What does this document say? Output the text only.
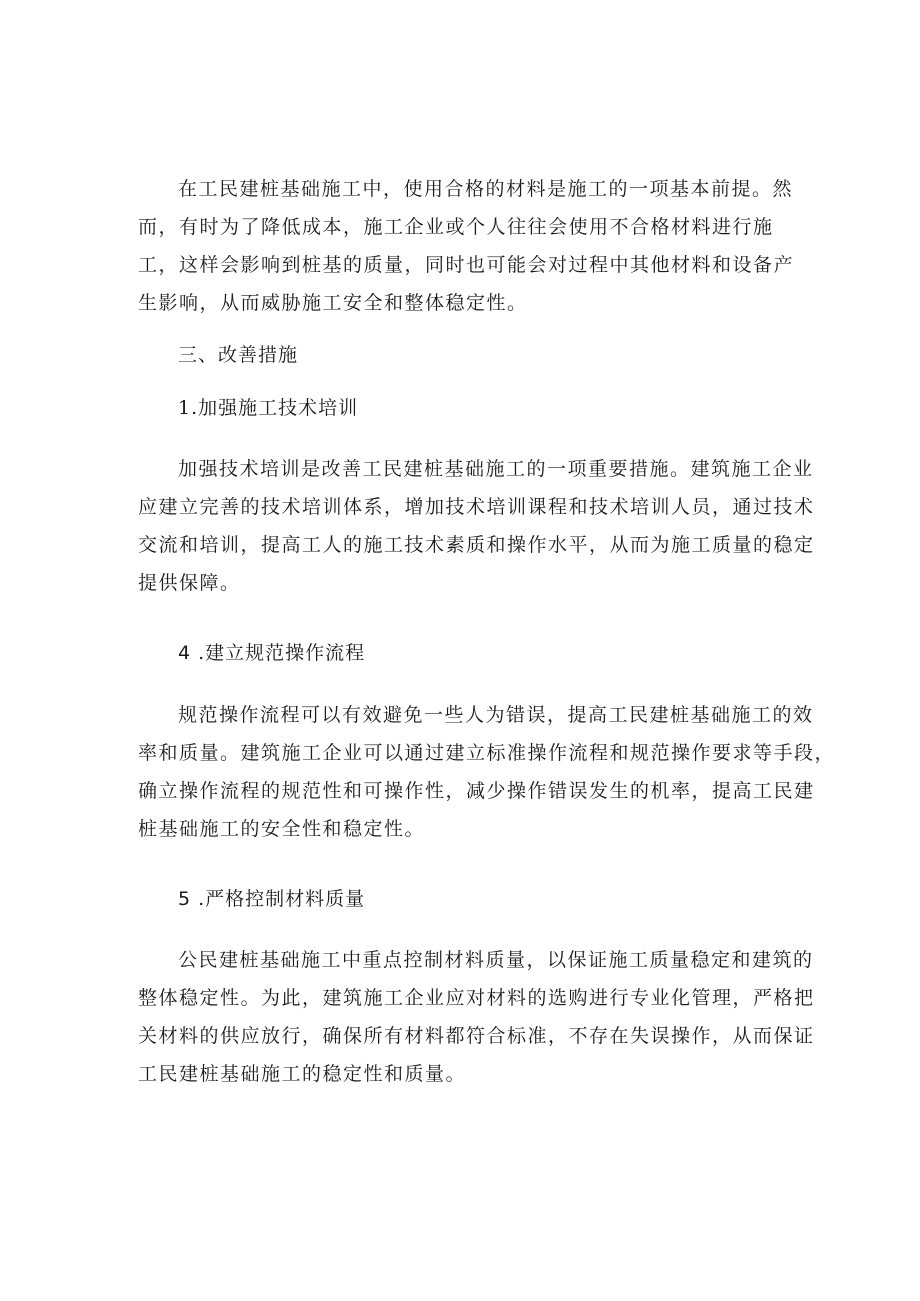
在工民建桩基础施工中，使用合格的材料是施工的一项基本前提。然
而，有时为了降低成本，施工企业或个人往往会使用不合格材料进行施
工，这样会影响到桩基的质量，同时也可能会对过程中其他材料和设备产
生影响，从而威胁施工安全和整体稳定性。
三、改善措施
1.加强施工技术培训
加强技术培训是改善工民建桩基础施工的一项重要措施。建筑施工企业
应建立完善的技术培训体系，增加技术培训课程和技术培训人员，通过技术
交流和培训，提高工人的施工技术素质和操作水平，从而为施工质量的稳定
提供保障。
4 .建立规范操作流程
规范操作流程可以有效避免一些人为错误，提高工民建桩基础施工的效
率和质量。建筑施工企业可以通过建立标准操作流程和规范操作要求等手段，
确立操作流程的规范性和可操作性，减少操作错误发生的机率，提高工民建
桩基础施工的安全性和稳定性。
5 .严格控制材料质量
公民建桩基础施工中重点控制材料质量，以保证施工质量稳定和建筑的
整体稳定性。为此，建筑施工企业应对材料的选购进行专业化管理，严格把
关材料的供应放行，确保所有材料都符合标准，不存在失误操作，从而保证
工民建桩基础施工的稳定性和质量。
